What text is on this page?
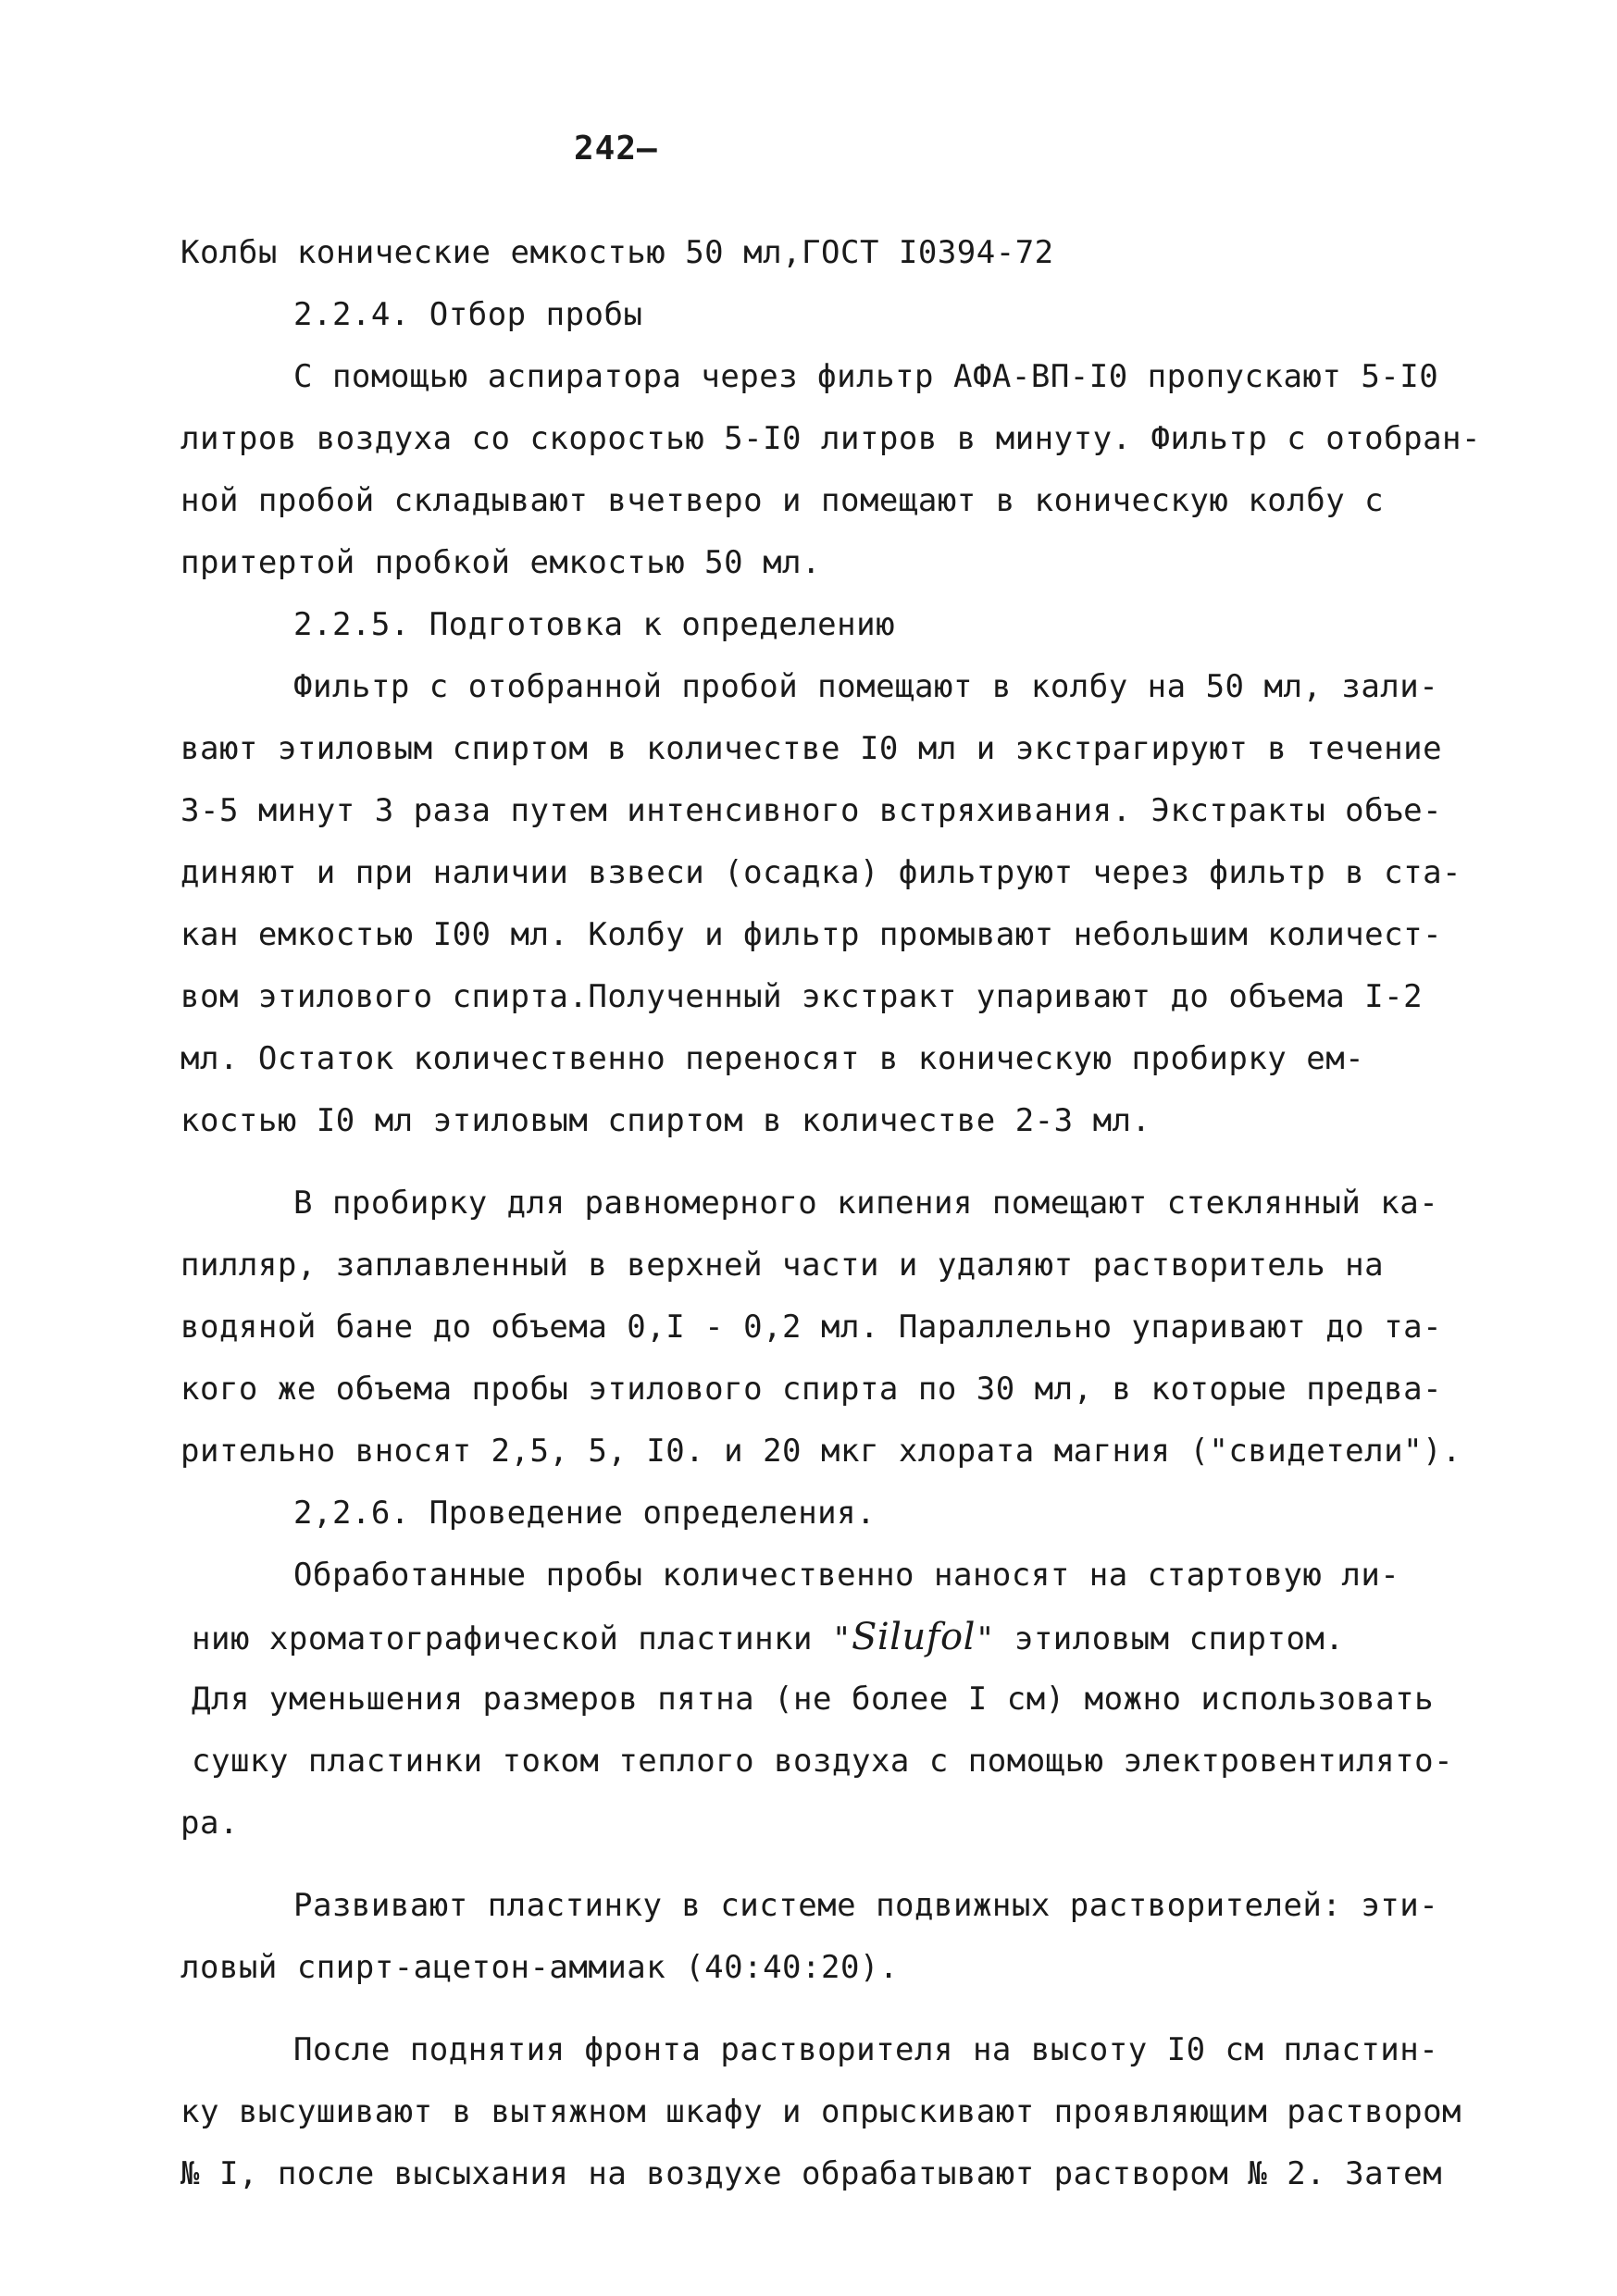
242—
Колбы конические емкостью 50 мл,ГОСТ I0394-72
2.2.4. Отбор пробы
С помощью аспиратора через фильтр АФА-ВП-I0 пропускают 5-I0
литров воздуха со скоростью 5-I0 литров в минуту. Фильтр с отобран-
ной пробой складывают вчетверо и помещают в коническую колбу с
притертой пробкой емкостью 50 мл.
2.2.5. Подготовка к определению
Фильтр с отобранной пробой помещают в колбу на 50 мл, зали-
вают этиловым спиртом в количестве I0 мл и экстрагируют в течение
3-5 минут 3 раза путем интенсивного встряхивания. Экстракты объе-
диняют и при наличии взвеси (осадка) фильтруют через фильтр в ста-
кан емкостью I00 мл. Колбу и фильтр промывают небольшим количест-
вом этилового спирта.Полученный экстракт упаривают до объема I-2
мл. Остаток количественно переносят в коническую пробирку ем-
костью I0 мл этиловым спиртом в количестве 2-3 мл.
В пробирку для равномерного кипения помещают стеклянный ка-
пилляр, заплавленный в верхней части и удаляют растворитель на
водяной бане до объема 0,I - 0,2 мл. Параллельно упаривают до та-
кого же объема пробы этилового спирта по 30 мл, в которые предва-
рительно вносят 2,5, 5, I0. и 20 мкг хлората магния ("свидетели").
2,2.6. Проведение определения.
Обработанные пробы количественно наносят на стартовую ли-
нию хроматографической пластинки "Silufol" этиловым спиртом.
Для уменьшения размеров пятна (не более I см) можно использовать
сушку пластинки током теплого воздуха с помощью электровентилято-
ра.
Развивают пластинку в системе подвижных растворителей: эти-
ловый спирт-ацетон-аммиак (40:40:20).
После поднятия фронта растворителя на высоту I0 см пластин-
ку высушивают в вытяжном шкафу и опрыскивают проявляющим раствором
№ I, после высыхания на воздухе обрабатывают раствором № 2. Затем
